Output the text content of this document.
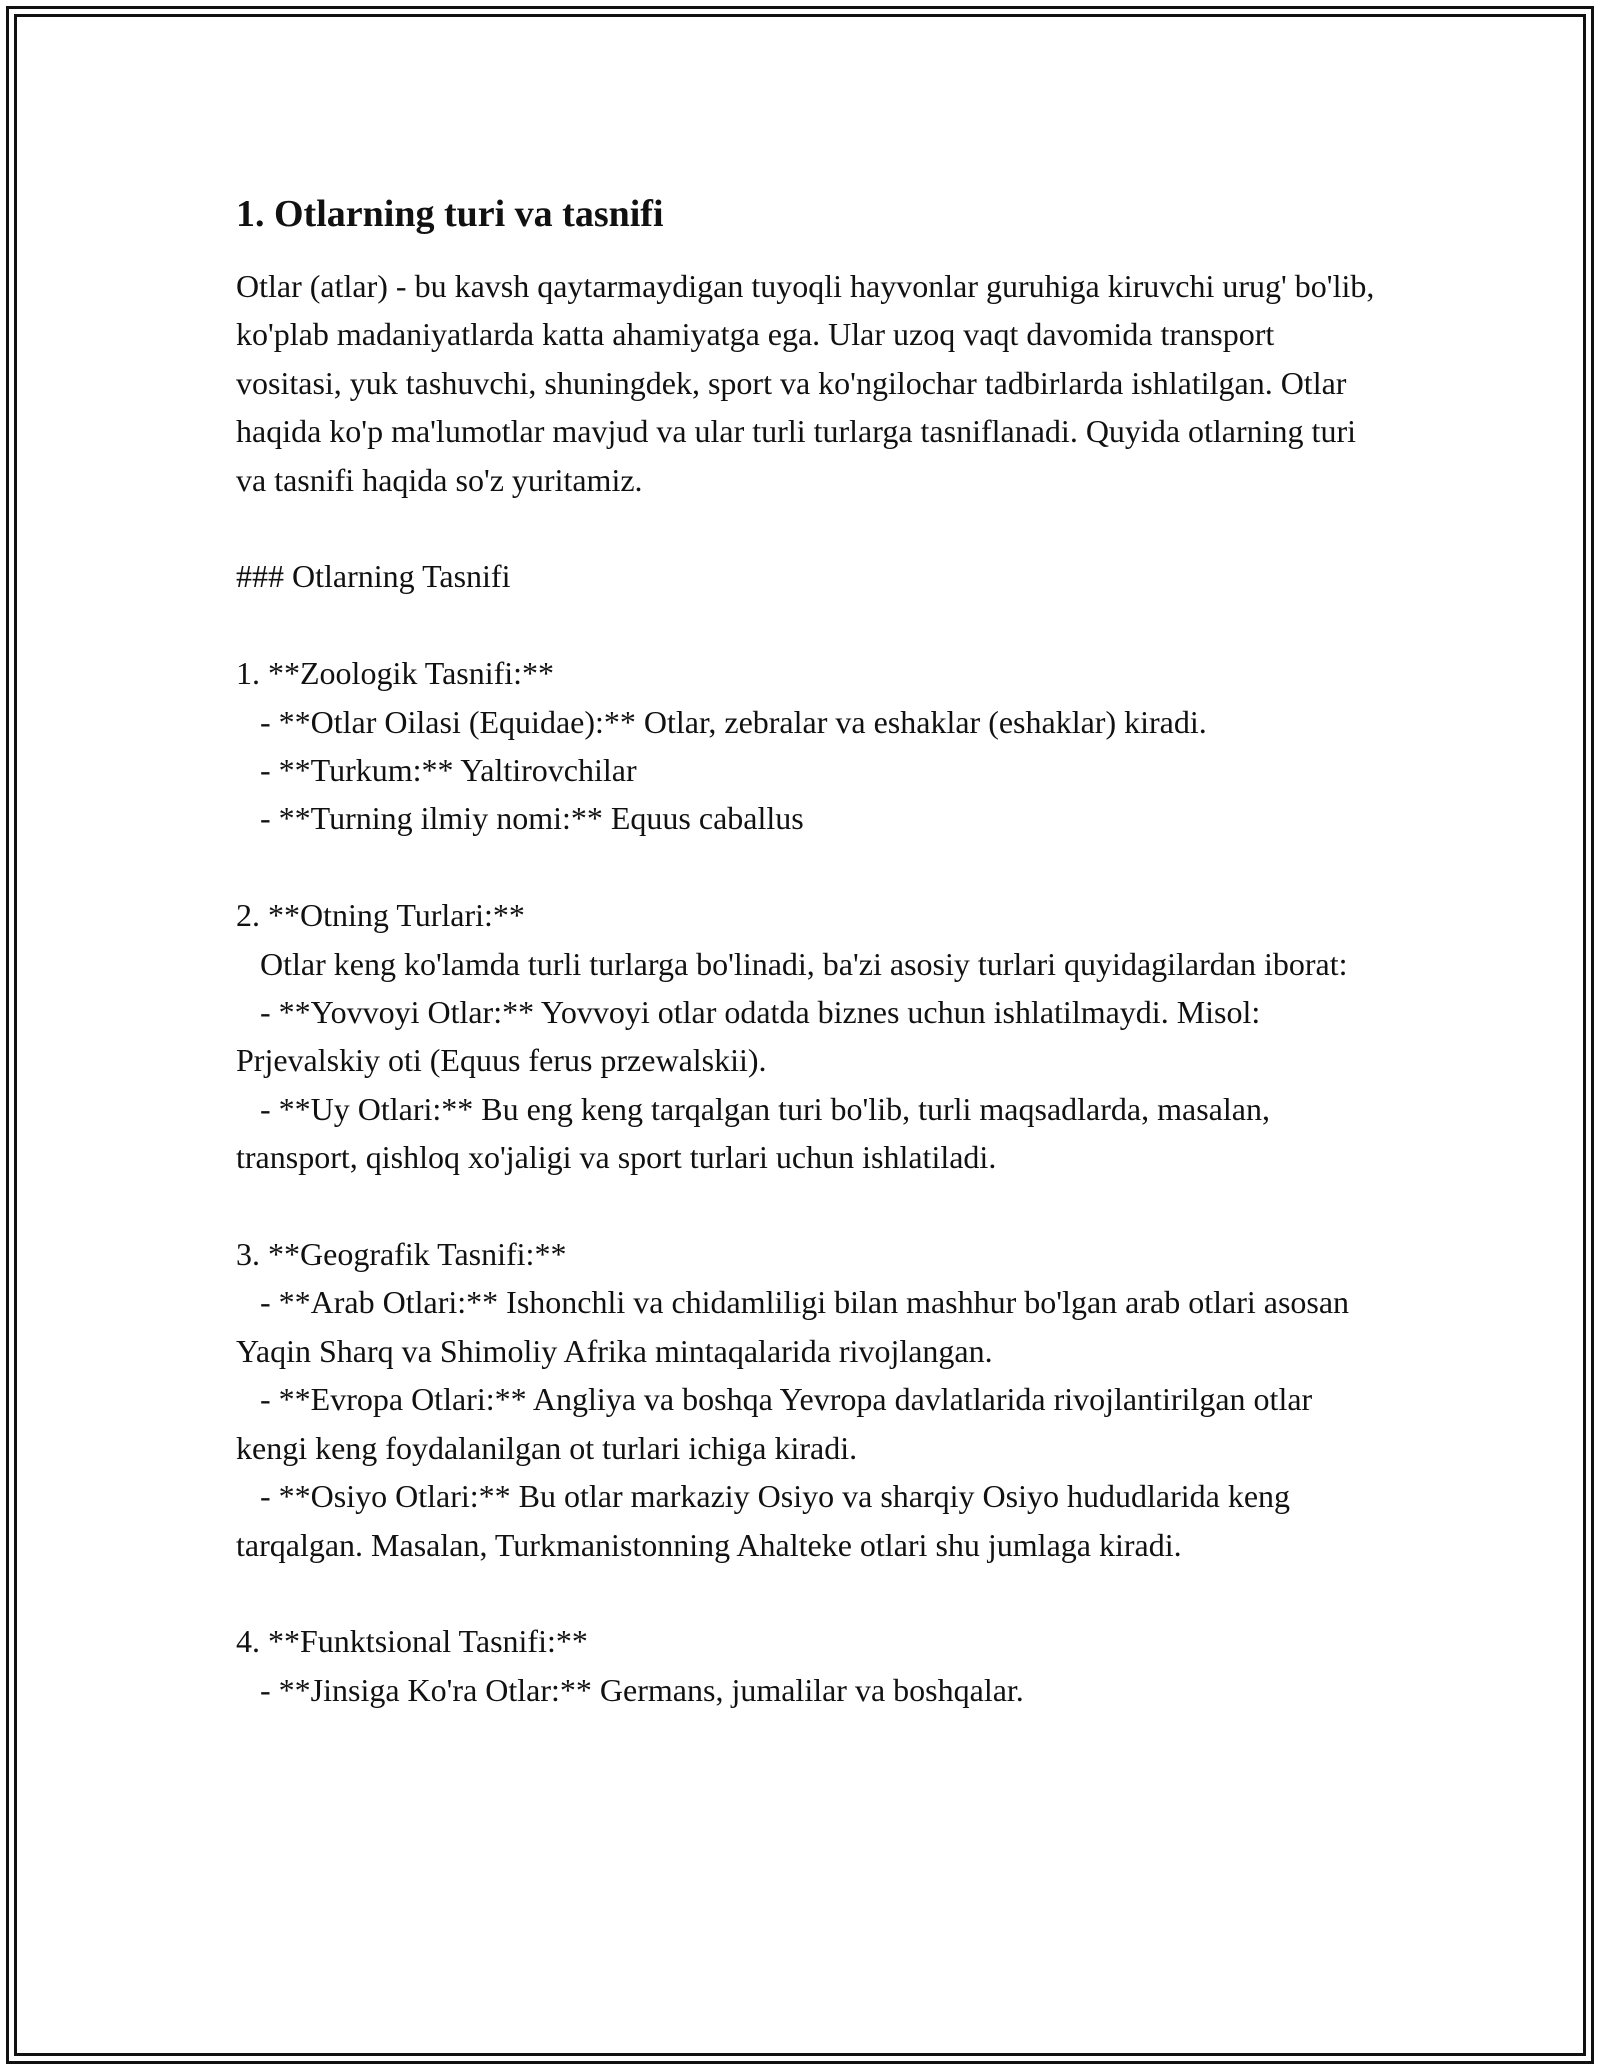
1. Otlarning turi va tasnifi

Otlar (atlar) - bu kavsh qaytarmaydigan tuyoqli hayvonlar guruhiga kiruvchi urug' bo'lib, ko'plab madaniyatlarda katta ahamiyatga ega. Ular uzoq vaqt davomida transport vositasi, yuk tashuvchi, shuningdek, sport va ko'ngilochar tadbirlarda ishlatilgan. Otlar haqida ko'p ma'lumotlar mavjud va ular turli turlarga tasniflanadi. Quyida otlarning turi va tasnifi haqida so'z yuritamiz.

### Otlarning Tasnifi

1. **Zoologik Tasnifi:**

- **Otlar Oilasi (Equidae):** Otlar, zebralar va eshaklar (eshaklar) kiradi.

- **Turkum:** Yaltirovchilar

- **Turning ilmiy nomi:** Equus caballus

2. **Otning Turlari:**

Otlar keng ko'lamda turli turlarga bo'linadi, ba'zi asosiy turlari quyidagilardan iborat:

- **Yovvoyi Otlar:** Yovvoyi otlar odatda biznes uchun ishlatilmaydi. Misol: Prjevalskiy oti (Equus ferus przewalskii).

- **Uy Otlari:** Bu eng keng tarqalgan turi bo'lib, turli maqsadlarda, masalan, transport, qishloq xo'jaligi va sport turlari uchun ishlatiladi.

3. **Geografik Tasnifi:**

- **Arab Otlari:** Ishonchli va chidamliligi bilan mashhur bo'lgan arab otlari asosan Yaqin Sharq va Shimoliy Afrika mintaqalarida rivojlangan.

- **Evropa Otlari:** Angliya va boshqa Yevropa davlatlarida rivojlantirilgan otlar kengi keng foydalanilgan ot turlari ichiga kiradi.

- **Osiyo Otlari:** Bu otlar markaziy Osiyo va sharqiy Osiyo hududlarida keng tarqalgan. Masalan, Turkmanistonning Ahalteke otlari shu jumlaga kiradi.

4. **Funktsional Tasnifi:**

- **Jinsiga Ko'ra Otlar:** Germans, jumalilar va boshqalar.
